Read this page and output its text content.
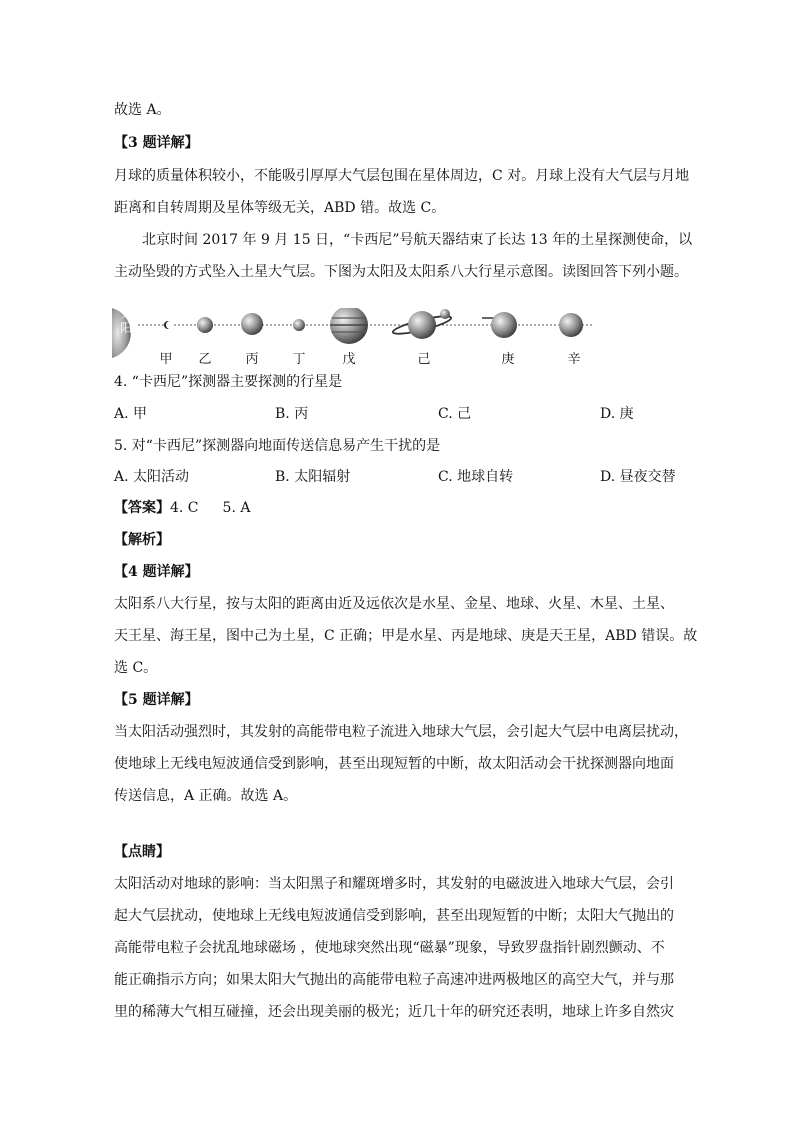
故选 A。
【3 题详解】
月球的质量体积较小，不能吸引厚厚大气层包围在星体周边，C 对。月球上没有大气层与月地
距离和自转周期及星体等级无关，ABD 错。故选 C。
北京时间 2017 年 9 月 15 日，“卡西尼”号航天器结束了长达 13 年的土星探测使命，以
主动坠毁的方式坠入土星大气层。下图为太阳及太阳系八大行星示意图。读图回答下列小题。
太
阳
甲 乙	丙	丁	戊	己	庚	辛
4. “卡西尼”探测器主要探测的行星是
A. 甲	B. 丙	C. 己	D. 庚
5. 对“卡西尼”探测器向地面传送信息易产生干扰的是
A. 太阳活动	B. 太阳辐射	C. 地球自转	D. 昼夜交替
【答案】4. C 5. A
【解析】
【4 题详解】
太阳系八大行星，按与太阳的距离由近及远依次是水星、金星、地球、火星、木星、土星、
天王星、海王星，图中己为土星，C 正确；甲是水星、丙是地球、庚是天王星，ABD 错误。故
选 C。
【5 题详解】
当太阳活动强烈时，其发射的高能带电粒子流进入地球大气层，会引起大气层中电离层扰动，
使地球上无线电短波通信受到影响，甚至出现短暂的中断，故太阳活动会干扰探测器向地面
传送信息，A 正确。故选 A。
【点睛】
太阳活动对地球的影响：当太阳黑子和耀斑增多时，其发射的电磁波进入地球大气层，会引
起大气层扰动，使地球上无线电短波通信受到影响，甚至出现短暂的中断；太阳大气抛出的
高能带电粒子会扰乱地球磁场 ，使地球突然出现“磁暴”现象，导致罗盘指针剧烈颤动、不
能正确指示方向；如果太阳大气抛出的高能带电粒子高速冲进两极地区的高空大气，并与那
里的稀薄大气相互碰撞，还会出现美丽的极光；近几十年的研究还表明，地球上许多自然灾
